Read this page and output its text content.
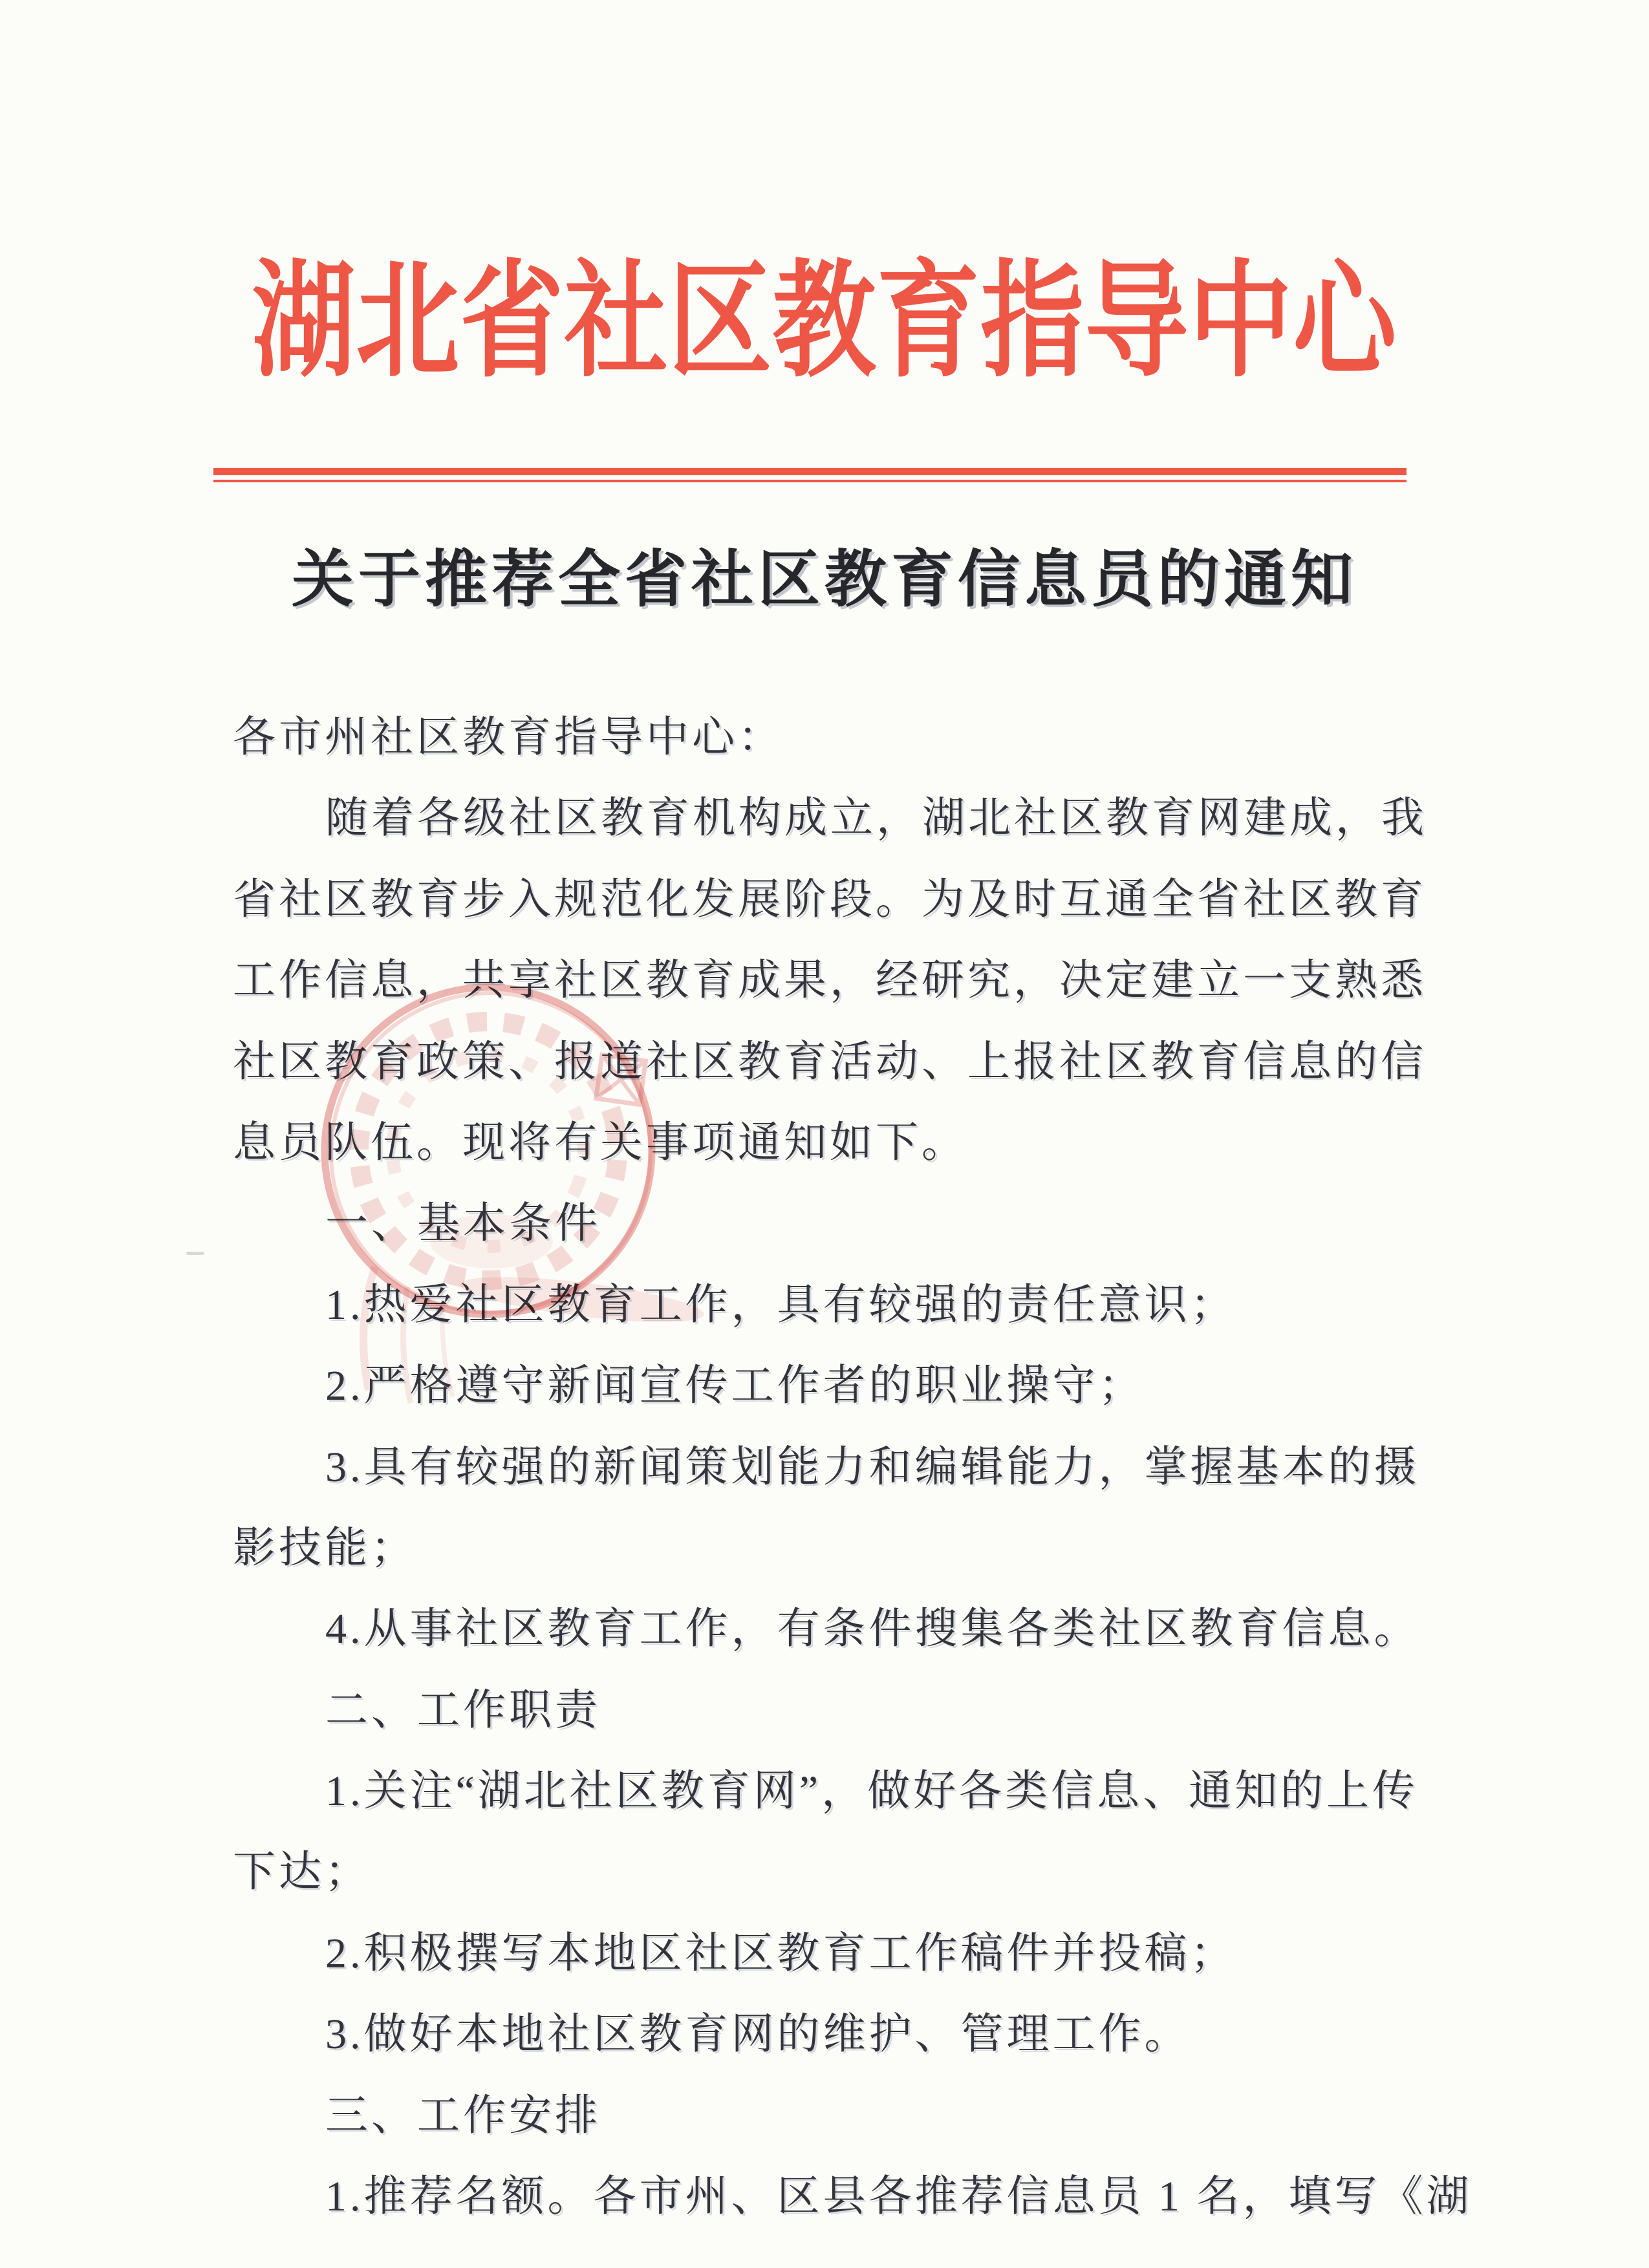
湖北省社区教育指导中心
关于推荐全省社区教育信息员的通知
各市州社区教育指导中心：
随着各级社区教育机构成立，湖北社区教育网建成，我
省社区教育步入规范化发展阶段。为及时互通全省社区教育
工作信息，共享社区教育成果，经研究，决定建立一支熟悉
社区教育政策、报道社区教育活动、上报社区教育信息的信
息员队伍。现将有关事项通知如下。
一、基本条件
1.热爱社区教育工作，具有较强的责任意识；
2.严格遵守新闻宣传工作者的职业操守；
3.具有较强的新闻策划能力和编辑能力，掌握基本的摄
影技能；
4.从事社区教育工作，有条件搜集各类社区教育信息。
二、工作职责
1.关注“湖北社区教育网”，做好各类信息、通知的上传
下达；
2.积极撰写本地区社区教育工作稿件并投稿；
3.做好本地社区教育网的维护、管理工作。
三、工作安排
1.推荐名额。各市州、区县各推荐信息员 1 名，填写《湖
